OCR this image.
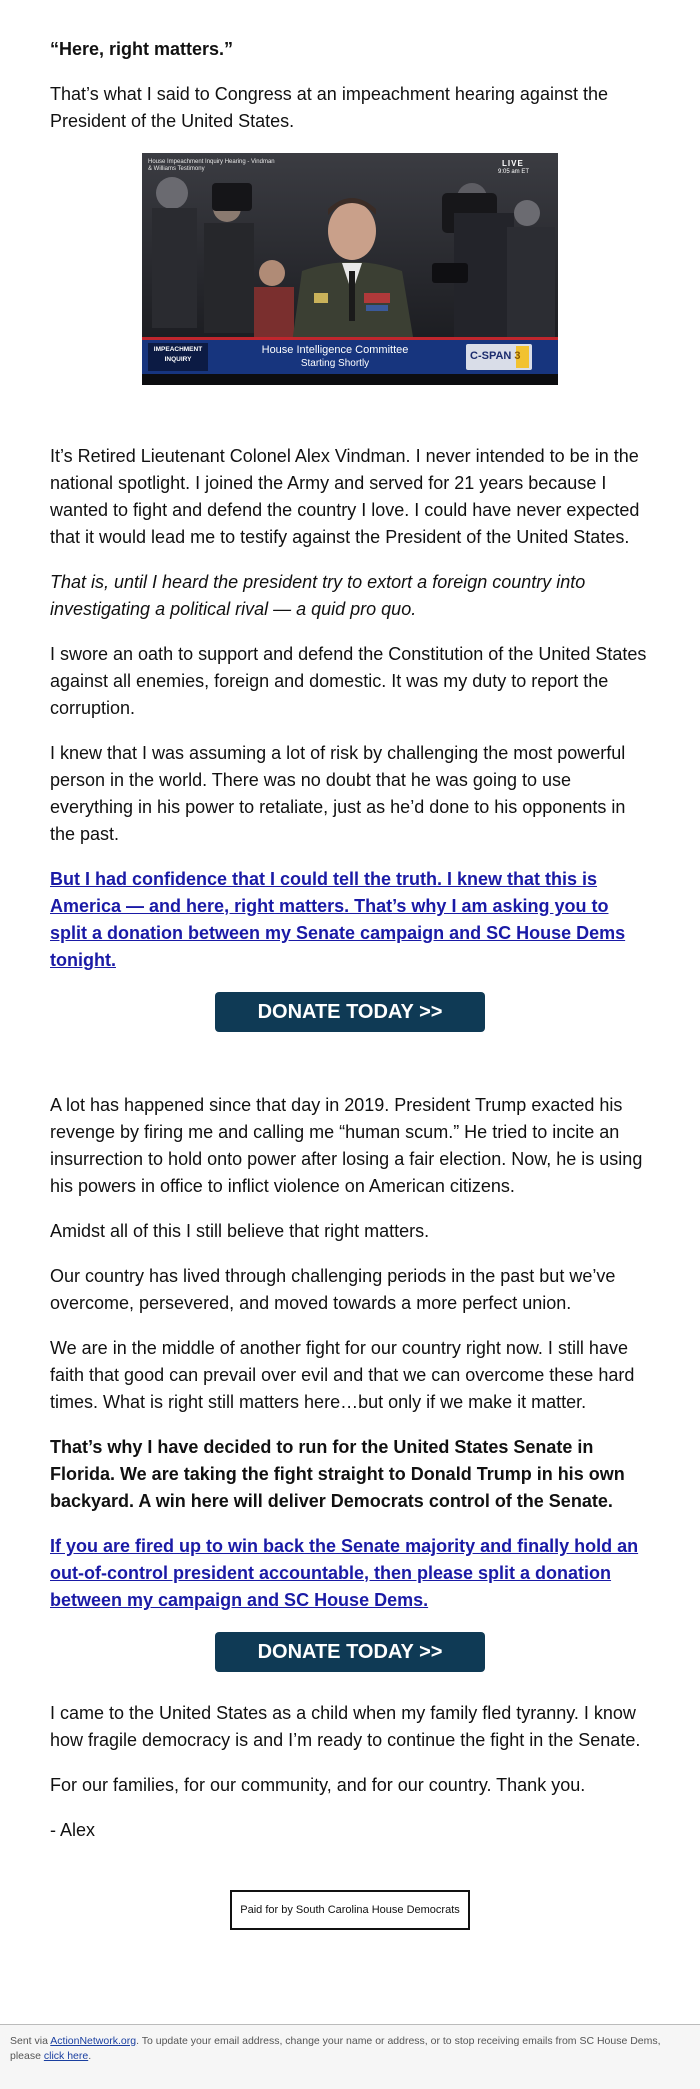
“Here, right matters.”
That’s what I said to Congress at an impeachment hearing against the President of the United States.
House Impeachment Inquiry Hearing - Vindman
& Williams Testimony
LIVE
9:05 am ET
IMPEACHMENT
INQUIRY
House Intelligence Committee
Starting Shortly
C-SPAN 3
It’s Retired Lieutenant Colonel Alex Vindman. I never intended to be in the national spotlight. I joined the Army and served for 21 years because I wanted to fight and defend the country I love. I could have never expected that it would lead me to testify against the President of the United States.
That is, until I heard the president try to extort a foreign country into investigating a political rival — a quid pro quo.
I swore an oath to support and defend the Constitution of the United States against all enemies, foreign and domestic. It was my duty to report the corruption.
I knew that I was assuming a lot of risk by challenging the most powerful person in the world. There was no doubt that he was going to use everything in his power to retaliate, just as he’d done to his opponents in the past.
But I had confidence that I could tell the truth. I knew that this is America — and here, right matters. That’s why I am asking you to split a donation between my Senate campaign and SC House Dems tonight.
DONATE TODAY >>
A lot has happened since that day in 2019. President Trump exacted his revenge by firing me and calling me “human scum.” He tried to incite an insurrection to hold onto power after losing a fair election. Now, he is using his powers in office to inflict violence on American citizens.
Amidst all of this I still believe that right matters.
Our country has lived through challenging periods in the past but we’ve overcome, persevered, and moved towards a more perfect union.
We are in the middle of another fight for our country right now. I still have faith that good can prevail over evil and that we can overcome these hard times. What is right still matters here…but only if we make it matter.
That’s why I have decided to run for the United States Senate in Florida. We are taking the fight straight to Donald Trump in his own backyard. A win here will deliver Democrats control of the Senate.
If you are fired up to win back the Senate majority and finally hold an out-of-control president accountable, then please split a donation between my campaign and SC House Dems.
DONATE TODAY >>
I came to the United States as a child when my family fled tyranny. I know how fragile democracy is and I’m ready to continue the fight in the Senate.
For our families, for our community, and for our country. Thank you.
- Alex
Paid for by South Carolina House Democrats
Sent via ActionNetwork.org. To update your email address, change your name or address, or to stop receiving emails from SC House Dems, please click here.
